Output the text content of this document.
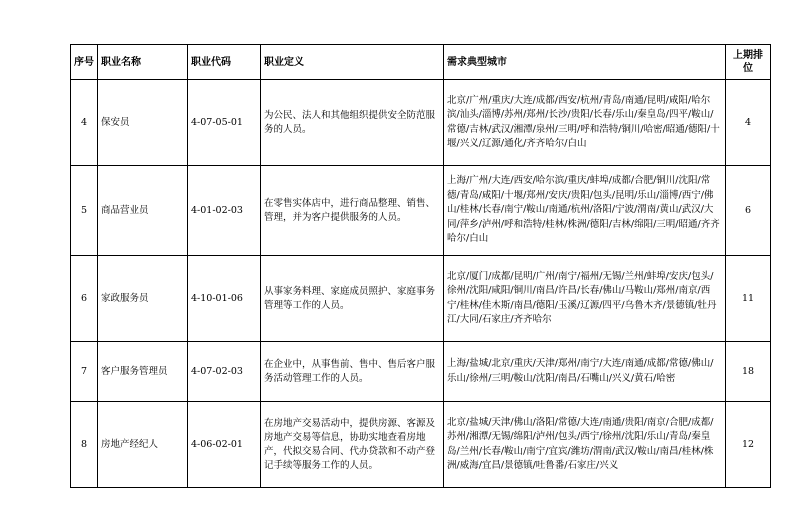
序号	职业名称	职业代码	职业定义	需求典型城市	上期排位
4	保安员	4-07-05-01	为公民、法人和其他组织提供安全防范服务的人员。	北京/广州/重庆/大连/成都/西安/杭州/青岛/南通/昆明/咸阳/哈尔滨/汕头/淄博/苏州/郑州/长沙/贵阳/长春/乐山/秦皇岛/四平/鞍山/常德/吉林/武汉/湘潭/泉州/三明/呼和浩特/铜川/哈密/昭通/德阳/十堰/兴义/辽源/通化/齐齐哈尔/白山	4
5	商品营业员	4-01-02-03	在零售实体店中，进行商品整理、销售、管理，并为客户提供服务的人员。	上海/广州/大连/西安/哈尔滨/重庆/蚌埠/成都/合肥/铜川/沈阳/常德/青岛/咸阳/十堰/郑州/安庆/贵阳/包头/昆明/乐山/淄博/西宁/佛山/桂林/长春/南宁/鞍山/南通/杭州/洛阳/宁波/渭南/黄山/武汉/大同/萍乡/泸州/呼和浩特/桂林/株洲/德阳/吉林/绵阳/三明/昭通/齐齐哈尔/白山	6
6	家政服务员	4-10-01-06	从事家务料理、家庭成员照护、家庭事务管理等工作的人员。	北京/厦门/成都/昆明/广州/南宁/福州/无锡/兰州/蚌埠/安庆/包头/徐州/沈阳/咸阳/铜川/南昌/许昌/长春/佛山/马鞍山/郑州/南京/西宁/桂林/佳木斯/南昌/德阳/玉溪/辽源/四平/乌鲁木齐/景德镇/牡丹江/大同/石家庄/齐齐哈尔	11
7	客户服务管理员	4-07-02-03	在企业中，从事售前、售中、售后客户服务活动管理工作的人员。	上海/盐城/北京/重庆/天津/郑州/南宁/大连/南通/成都/常德/佛山/乐山/徐州/三明/鞍山/沈阳/南昌/石嘴山/兴义/黄石/哈密	18
8	房地产经纪人	4-06-02-01	在房地产交易活动中，提供房源、客源及房地产交易等信息，协助实地查看房地产，代拟交易合同、代办贷款和不动产登记手续等服务工作的人员。	北京/盐城/天津/佛山/洛阳/常德/大连/南通/贵阳/南京/合肥/成都/苏州/湘潭/无锡/绵阳/泸州/包头/西宁/徐州/沈阳/乐山/青岛/秦皇岛/兰州/长春/鞍山/南宁/宜宾/潍坊/渭南/武汉/鞍山/南昌/桂林/株洲/威海/宜昌/景德镇/吐鲁番/石家庄/兴义	12
